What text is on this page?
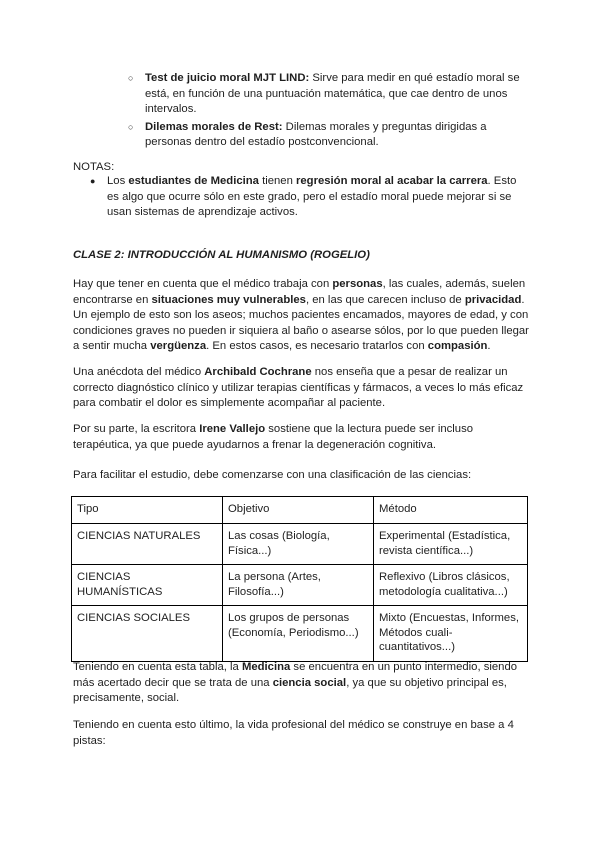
○ Test de juicio moral MJT LIND: Sirve para medir en qué estadío moral se está, en función de una puntuación matemática, que cae dentro de unos intervalos.
○ Dilemas morales de Rest: Dilemas morales y preguntas dirigidas a personas dentro del estadío postconvencional.
NOTAS:
● Los estudiantes de Medicina tienen regresión moral al acabar la carrera. Esto es algo que ocurre sólo en este grado, pero el estadío moral puede mejorar si se usan sistemas de aprendizaje activos.
CLASE 2: INTRODUCCIÓN AL HUMANISMO (ROGELIO)

Hay que tener en cuenta que el médico trabaja con personas, las cuales, además, suelen encontrarse en situaciones muy vulnerables, en las que carecen incluso de privacidad. Un ejemplo de esto son los aseos; muchos pacientes encamados, mayores de edad, y con condiciones graves no pueden ir siquiera al baño o asearse sólos, por lo que pueden llegar a sentir mucha vergüenza. En estos casos, es necesario tratarlos con compasión.

Una anécdota del médico Archibald Cochrane nos enseña que a pesar de realizar un correcto diagnóstico clínico y utilizar terapias científicas y fármacos, a veces lo más eficaz para combatir el dolor es simplemente acompañar al paciente.

Por su parte, la escritora Irene Vallejo sostiene que la lectura puede ser incluso terapéutica, ya que puede ayudarnos a frenar la degeneración cognitiva.

Para facilitar el estudio, debe comenzarse con una clasificación de las ciencias:

Tipo	Objetivo	Método
CIENCIAS NATURALES	Las cosas (Biología, Física...)	Experimental (Estadística, revista científica...)
CIENCIAS HUMANÍSTICAS	La persona (Artes, Filosofía...)	Reflexivo (Libros clásicos, metodología cualitativa...)
CIENCIAS SOCIALES	Los grupos de personas (Economía, Periodismo...)	Mixto (Encuestas, Informes, Métodos cuali-cuantitativos...)

Teniendo en cuenta esta tabla, la Medicina se encuentra en un punto intermedio, siendo más acertado decir que se trata de una ciencia social, ya que su objetivo principal es, precisamente, social.

Teniendo en cuenta esto último, la vida profesional del médico se construye en base a 4 pistas:
